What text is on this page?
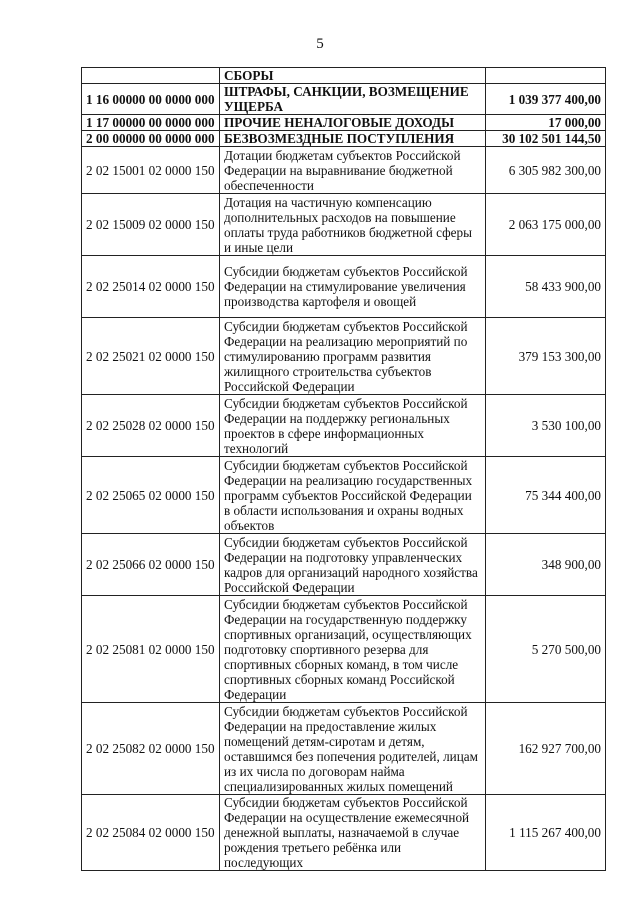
5
	СБОРЫ	
1 16 00000 00 0000 000	ШТРАФЫ, САНКЦИИ, ВОЗМЕЩЕНИЕ УЩЕРБА	1 039 377 400,00
1 17 00000 00 0000 000	ПРОЧИЕ НЕНАЛОГОВЫЕ ДОХОДЫ	17 000,00
2 00 00000 00 0000 000	БЕЗВОЗМЕЗДНЫЕ ПОСТУПЛЕНИЯ	30 102 501 144,50
2 02 15001 02 0000 150	Дотации бюджетам субъектов Российской Федерации на выравнивание бюджетной обеспеченности	6 305 982 300,00
2 02 15009 02 0000 150	Дотация на частичную компенсацию дополнительных расходов на повышение оплаты труда работников бюджетной сферы и иные цели	2 063 175 000,00
2 02 25014 02 0000 150	Субсидии бюджетам субъектов Российской Федерации на стимулирование увеличения производства картофеля и овощей	58 433 900,00
2 02 25021 02 0000 150	Субсидии бюджетам субъектов Российской Федерации на реализацию мероприятий по стимулированию программ развития жилищного строительства субъектов Российской Федерации	379 153 300,00
2 02 25028 02 0000 150	Субсидии бюджетам субъектов Российской Федерации на поддержку региональных проектов в сфере информационных технологий	3 530 100,00
2 02 25065 02 0000 150	Субсидии бюджетам субъектов Российской Федерации на реализацию государственных программ субъектов Российской Федерации в области использования и охраны водных объектов	75 344 400,00
2 02 25066 02 0000 150	Субсидии бюджетам субъектов Российской Федерации на подготовку управленческих кадров для организаций народного хозяйства Российской Федерации	348 900,00
2 02 25081 02 0000 150	Субсидии бюджетам субъектов Российской Федерации на государственную поддержку спортивных организаций, осуществляющих подготовку спортивного резерва для спортивных сборных команд, в том числе спортивных сборных команд Российской Федерации	5 270 500,00
2 02 25082 02 0000 150	Субсидии бюджетам субъектов Российской Федерации на предоставление жилых помещений детям-сиротам и детям, оставшимся без попечения родителей, лицам из их числа по договорам найма специализированных жилых помещений	162 927 700,00
2 02 25084 02 0000 150	Субсидии бюджетам субъектов Российской Федерации на осуществление ежемесячной денежной выплаты, назначаемой в случае рождения третьего ребёнка или последующих	1 115 267 400,00
